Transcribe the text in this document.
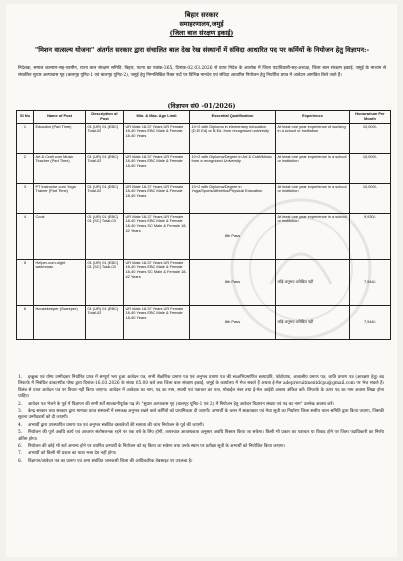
बिहार सरकार
समाहरणालय,जमुई
(जिला बाल संरक्षण इकाई)
"मिशन वात्सल्य योजना" अंतर्गत सरकार द्वारा संचालित बाल देख रेख संस्थानों में संविदा आधारित पद पर कर्मियों के नियोजन हेतु विज्ञापन:-
निदेशक, समाज कल्याण-सह-एडमीन, राज्य बाल संरक्षण समिति, बिहार, पटना का पत्रांक-365, दिनांक-02.03.2026 से प्राप्त निदेश के आलोक में जिला पदाधिकारी-सह-अध्यक्ष, जिला बाल संरक्षण इकाई, जमुई के माध्यम से संचालित सुधार अल्पावास गृह (बालगृह यूनिट-1 एवं बालगृह यूनिट-2), जमुई हेतु निम्नलिखित रिक्त पदों पर विभिन्न मानदेय एवं संविदा आधारित नियोजन हेतु निर्धारित प्रपत्र में आवेदन आमंत्रित किये जाते हैं।
(विज्ञापन सं0 -01/2026)
Sl No	Name of Post	Description of Post	Min. & Max. Age Limit	Essential Qualification	Experience	Honorarium Per Month
1	Educator (Part Time)	01 (UR) 01 (EBC) Total-02	UR Male 18-37 Years UR Female 18-40 Years EBC Male & Female 18-40 Years	10+2 with Diploma in elementary education (D.El.Ed) or B.Ed. from recognised university	At least one year experience of working in a school or institution	10,000/-
2	Art & Craft cum Music Teacher (Part Time)	01 (UR) 01 (EBC) Total-02	UR Male 18-37 Years UR Female 18-40 Years EBC Male & Female 18-40 Years	10+2 with Diploma/Degree in Art & Craft/Music from a recognized University	At least one year experience in a school or institution	10,000/-
3	PT instructor cum Yoga Trainer (Part Time)	01 (UR) 01 (EBC) Total-02	UR Male 18-37 Years UR Female 18-40 Years EBC Male & Female 18-40 Years	10+2 with Diploma/Degree in Yoga/Sports/Athletics/Physical Education	At least one year experience in a school or institution	10,000/-
4	Cook	01 (UR) 01 (EBC) 01 (SC) Total-03	UR Male 18-37 Years UR Female 18-40 Years EBC Male & Female 18-40 Years SC Male & Female 18-42 Years	8th Pass	At least one year experience in a school or institution	9,930/-
5	Helper-cum-night watchman	01 (UR) 01 (EBC) 01 (SC) Total-03	UR Male 18-37 Years UR Female 18-40 Years EBC Male & Female 18-40 Years SC Male & Female 18-42 Years	8th Pass	कोई अनुभव अपेक्षित नहीं	7,944/-
6	Housekeeper (Sweeper)	01 (UR) 01 (EBC) Total-02	UR Male 18-37 Years UR Female 18-40 Years EBC Male & Female 18-40 Years	8th Pass	कोई अनुभव अपेक्षित नहीं	7,944/-
1. इच्छुक एवं योग्य उम्मीदवार निर्धारित प्रपत्र में सम्पूर्ण भरा हुआ आवेदन पत्र, सभी शैक्षणिक प्रमाण पत्र एवं अनुभव प्रमाण पत्र की स्वअभिप्रमाणित छायाप्रति, फोटोग्राफ, आवासीय प्रमाण पत्र, जाति प्रमाण पत्र (आरक्षण हेतु) बंद लिफाफे में निबंधित डाक/स्पीड पोस्ट द्वारा दिनांक-16.03.2026 के संध्या 05.00 बजे तक जिला बाल संरक्षण इकाई, जमुई के कार्यालय में भेज सकते हैं अथवा ई-मेल adepreruitmentdcpu@gmail.com पर भेज सकते हैं। विलंब से प्राप्त आवेदन पत्र पर विचार नहीं किया जाएगा। आवेदन में आवेदक का नाम, पद का नाम, स्थायी एवं पत्राचार का पता, मोबाईल नंबर तथा ई-मेल आईडी अवश्य अंकित करें। लिफाफे के ऊपर पद का नाम अवश्य लिखा होना चाहिए।
2. आवेदन पत्र भेजने के पूर्व में विज्ञापन की सभी शर्तें सावधानीपूर्वक पढ़ लें। "सुधार अल्पावास गृह (बालगृह यूनिट-1 एवं 2) में नियोजन हेतु आवेदन विज्ञापन संख्या एवं पद का नाम" उल्लेख अवश्य करें।
3. केन्द्र सरकार तथा सरकार द्वारा मान्यता प्राप्त संस्थानों में समकक्ष अनुभव रखने वाले कर्मियों को प्राथमिकता दी जाएगी। अभ्यर्थी के चयन में साक्षात्कार एवं मेधा सूची का निर्धारण जिला स्तरीय चयन समिति द्वारा किया जाएगा, जिसकी सूचना उम्मीदवारों को दी जाएगी।
4. अभ्यर्थी द्वारा उपस्थापित प्रमाण पत्र एवं अनुभव संबंधित दस्तावेजों की सत्यता की जांच नियोजन के पूर्व की जाएगी।
5. नियोजन की पूर्ण अवधि कार्य एवं आचरण संतोषजनक रहने पर एक वर्ष के लिए होगी, तत्पश्चात आवश्यकता अनुसार अवधि विस्तार किया जा सकेगा। किसी भी प्रकार का पत्राचार या विवाद होने पर जिला पदाधिकारी का निर्णय अंतिम होगा।
6. नियोजन की कोई भी शर्त अमान्य होने पर चयनित अभ्यर्थी के नियोजन को रद्द किया जा सकेगा तथा उनके स्थान पर प्रतीक्षा सूची के अभ्यर्थी को नियोजित किया जाएगा।
7. अभ्यर्थी को किसी भी प्रकार का यात्रा भत्ता देय नहीं होगा।
8. विज्ञापन/आवेदन पत्र का प्रारूप एवं अन्य संबंधित जानकारी जिला की आधिकारिक वेबसाइट पर उपलब्ध है।
